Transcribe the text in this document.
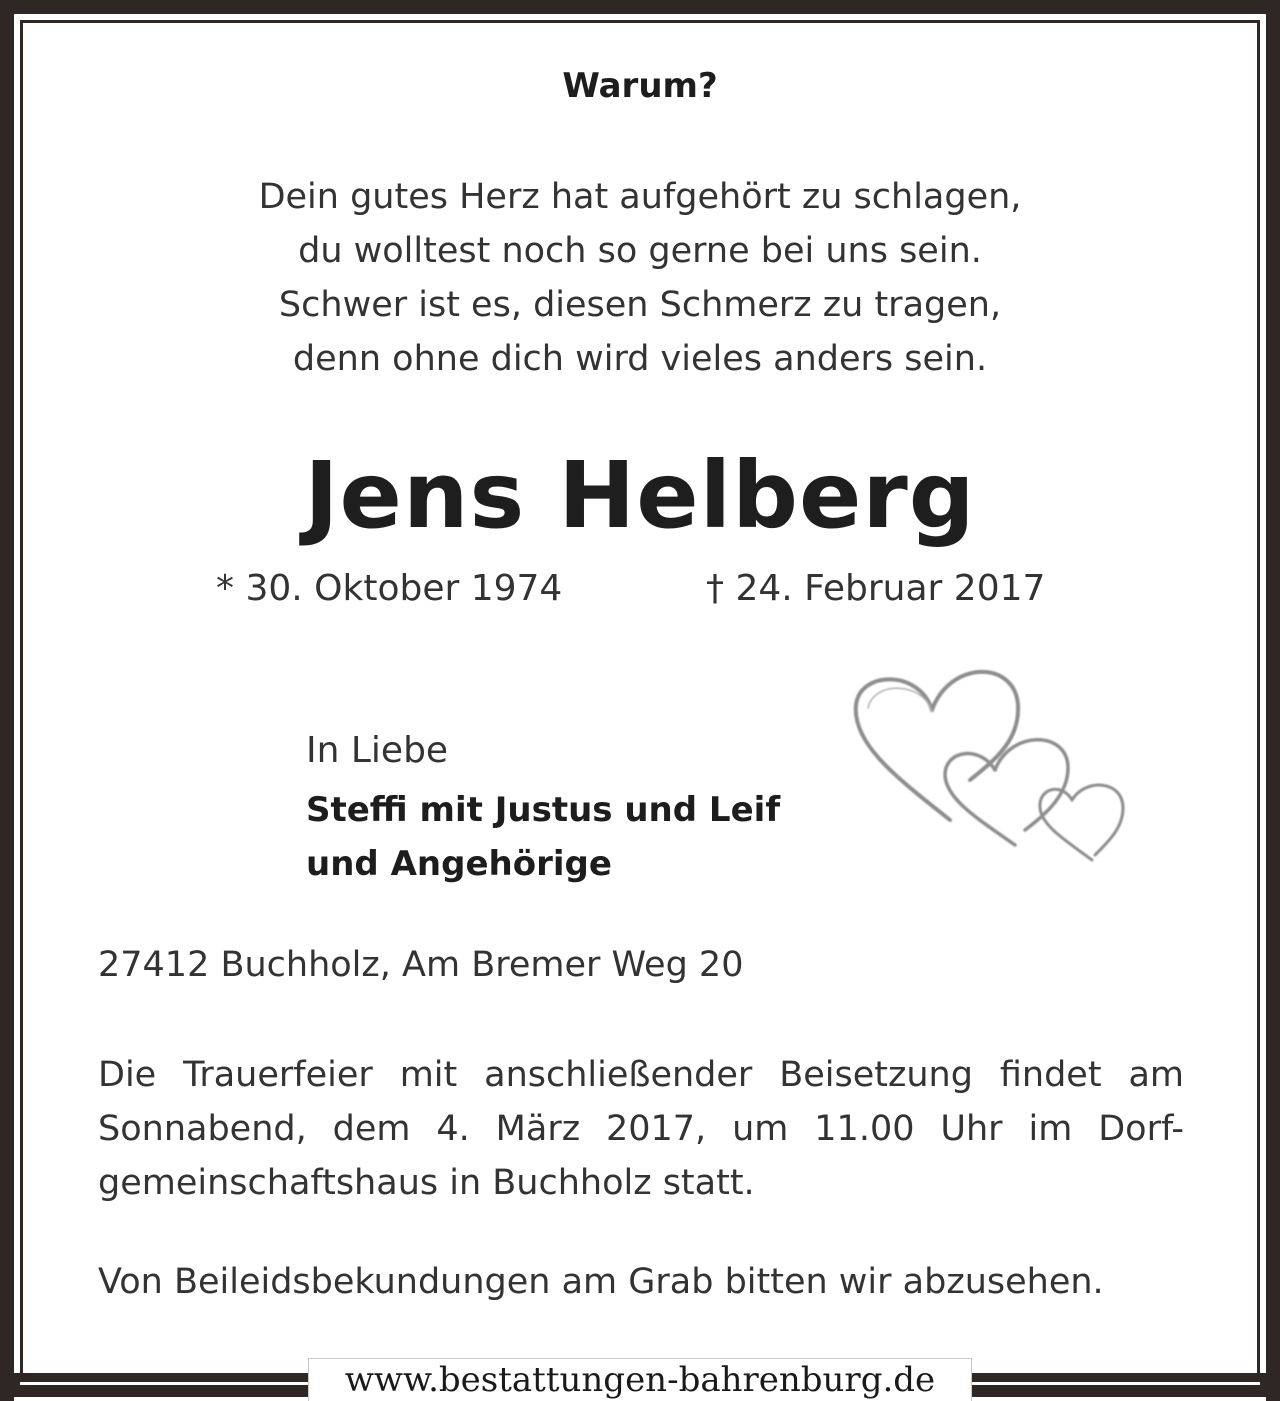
Warum?
Dein gutes Herz hat aufgehört zu schlagen,
du wolltest noch so gerne bei uns sein.
Schwer ist es, diesen Schmerz zu tragen,
denn ohne dich wird vieles anders sein.
Jens Helberg
* 30. Oktober 1974	† 24. Februar 2017
In Liebe
Steffi mit Justus und Leif
und Angehörige
27412 Buchholz, Am Bremer Weg 20
Die Trauerfeier mit anschließender Beisetzung findet am
Sonnabend, dem 4. März 2017, um 11.00 Uhr im Dorf-
gemeinschaftshaus in Buchholz statt.
Von Beileidsbekundungen am Grab bitten wir abzusehen.
www.bestattungen-bahrenburg.de
